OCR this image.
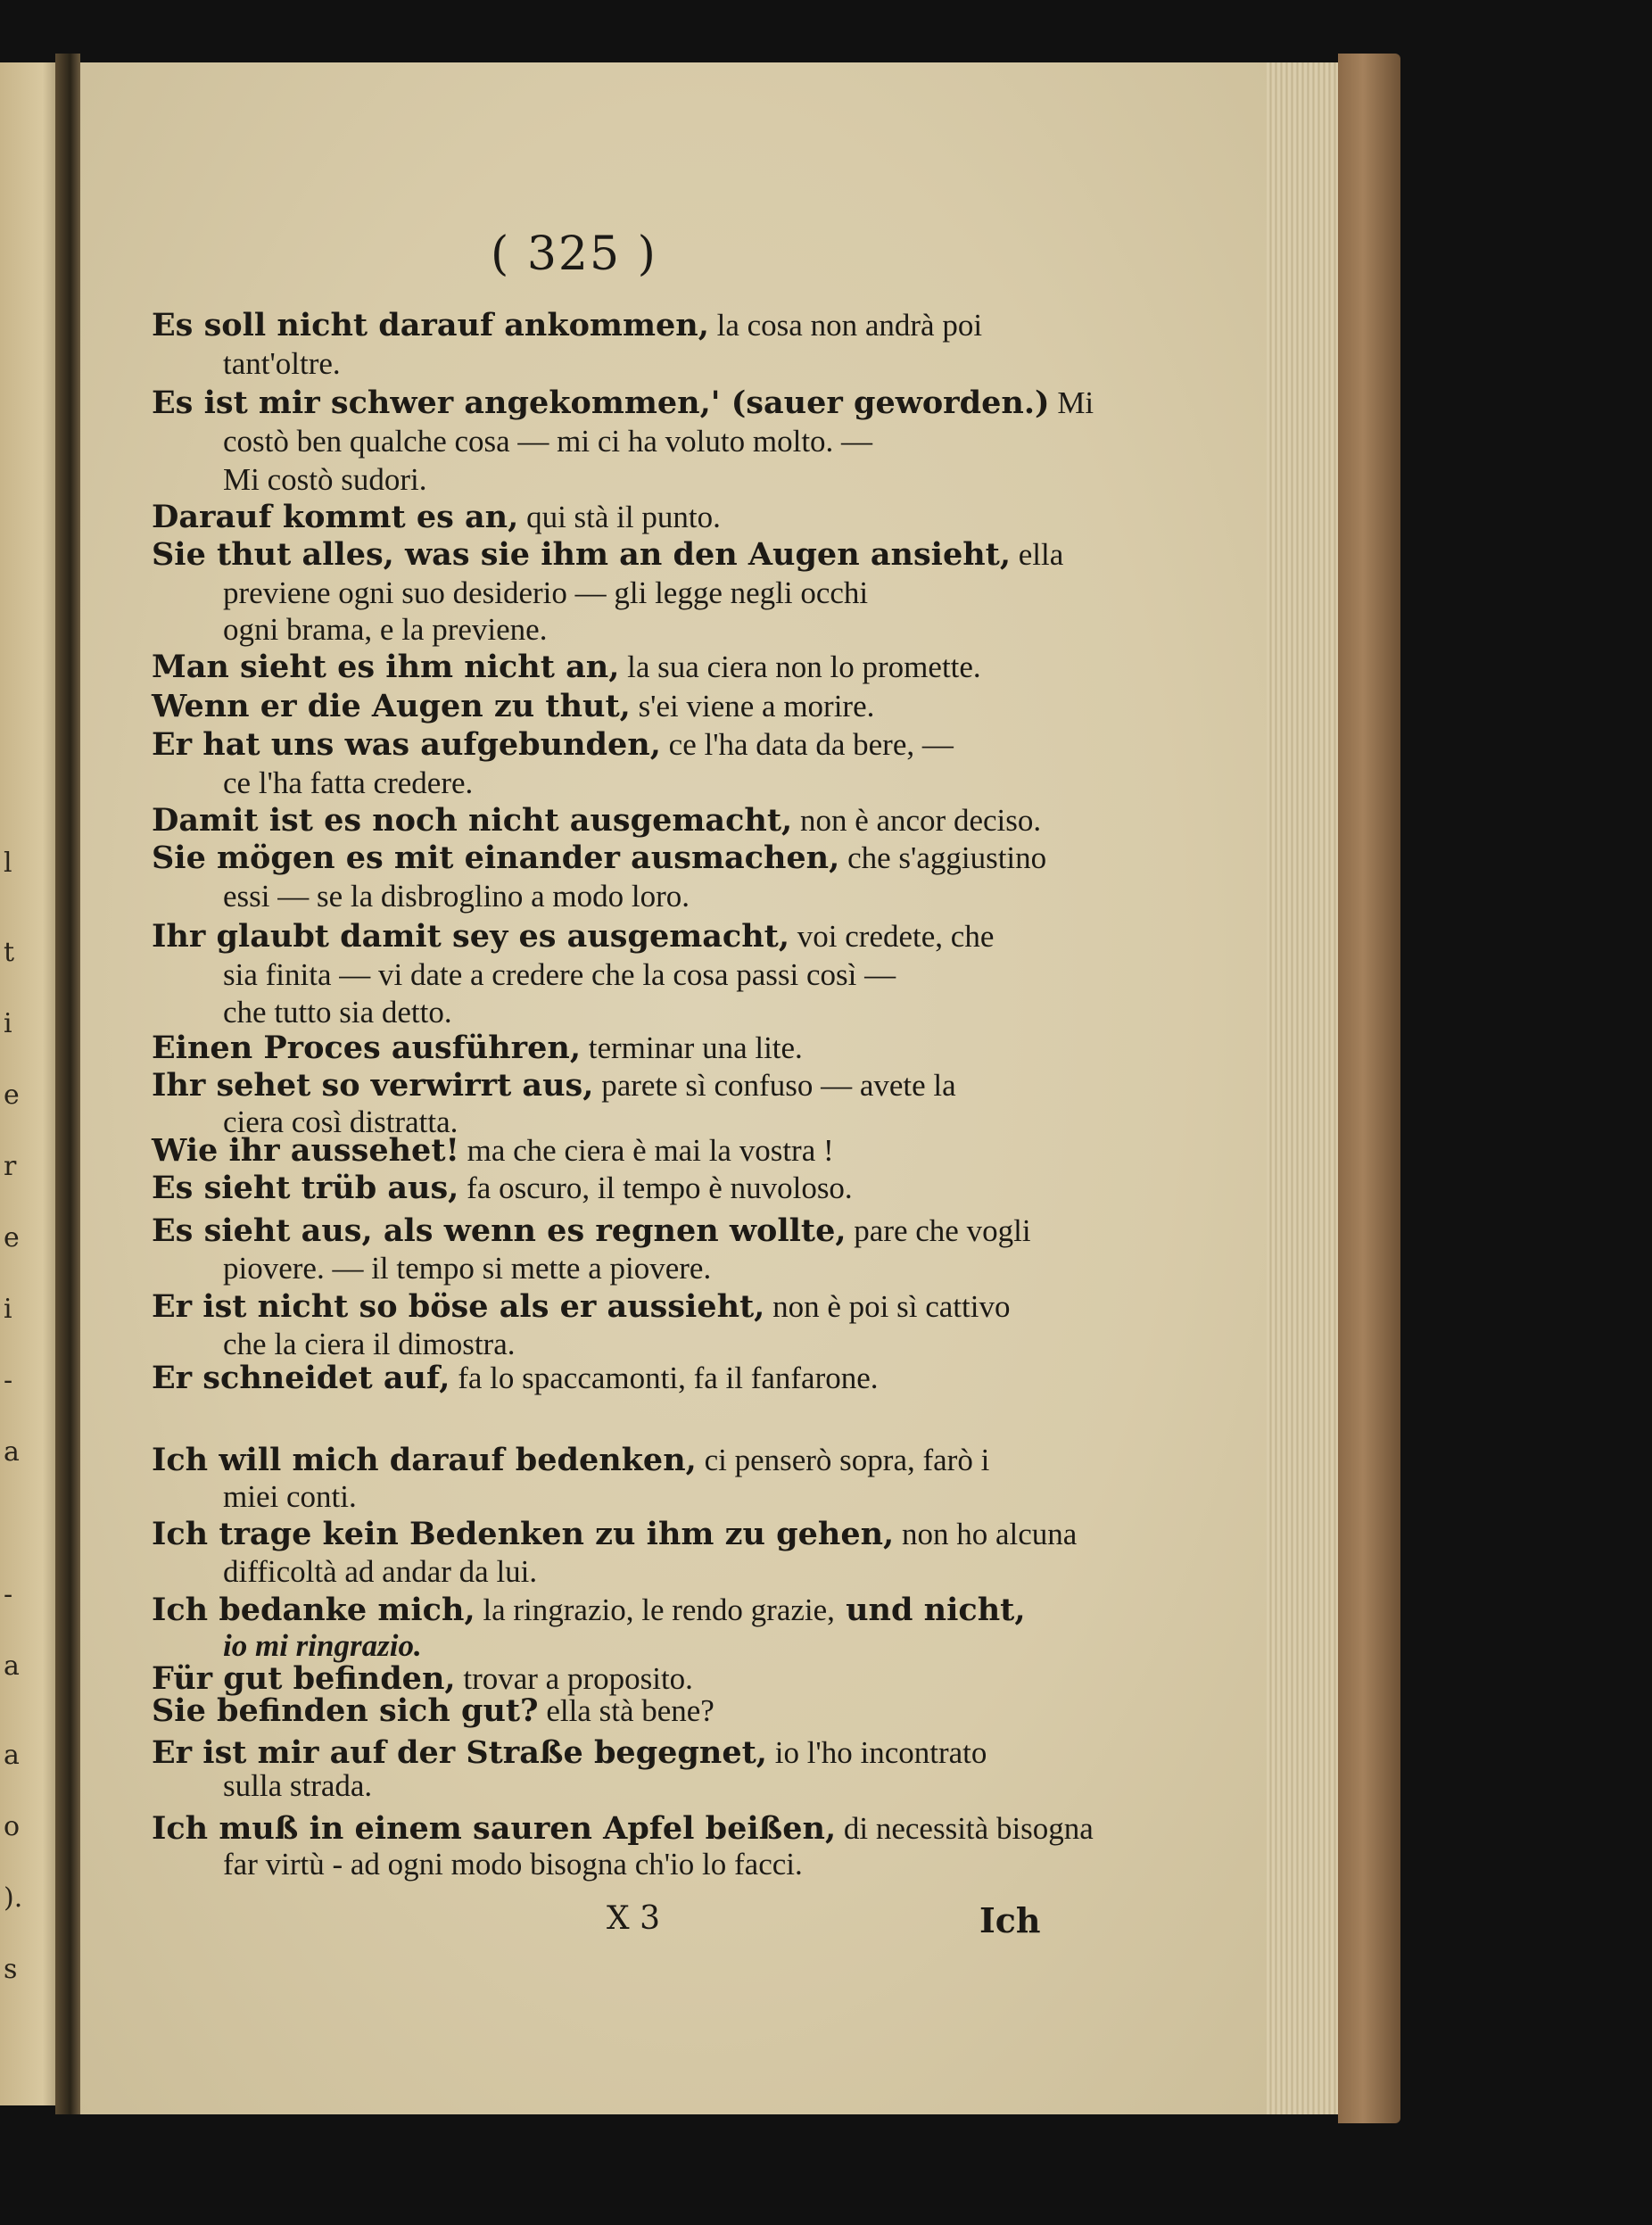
l
t
i
e
r
e
i
-
a
-
a
a
o
).
s
( 325 )
Es soll nicht darauf ankommen, la cosa non andrà poi
tant'oltre.
Es ist mir schwer angekommen,' (sauer geworden.) Mi
costò ben qualche cosa — mi ci ha voluto molto. —
Mi costò sudori.
Darauf kommt es an, qui stà il punto.
Sie thut alles, was sie ihm an den Augen ansieht, ella
previene ogni suo desiderio — gli legge negli occhi
ogni brama, e la previene.
Man sieht es ihm nicht an, la sua ciera non lo promette.
Wenn er die Augen zu thut, s'ei viene a morire.
Er hat uns was aufgebunden, ce l'ha data da bere, —
ce l'ha fatta credere.
Damit ist es noch nicht ausgemacht, non è ancor deciso.
Sie mögen es mit einander ausmachen, che s'aggiustino
essi — se la disbroglino a modo loro.
Ihr glaubt damit sey es ausgemacht, voi credete, che
sia finita — vi date a credere che la cosa passi così —
che tutto sia detto.
Einen Proces ausführen, terminar una lite.
Ihr sehet so verwirrt aus, parete sì confuso — avete la
ciera così distratta.
Wie ihr aussehet! ma che ciera è mai la vostra !
Es sieht trüb aus, fa oscuro, il tempo è nuvoloso.
Es sieht aus, als wenn es regnen wollte, pare che vogli
piovere. — il tempo si mette a piovere.
Er ist nicht so böse als er aussieht, non è poi sì cattivo
che la ciera il dimostra.
Er schneidet auf, fa lo spaccamonti, fa il fanfarone.
Ich will mich darauf bedenken, ci penserò sopra, farò i
miei conti.
Ich trage kein Bedenken zu ihm zu gehen, non ho alcuna
difficoltà ad andar da lui.
Ich bedanke mich, la ringrazio, le rendo grazie, und nicht,
io mi ringrazio.
Für gut befinden, trovar a proposito.
Sie befinden sich gut? ella stà bene?
Er ist mir auf der Straße begegnet, io l'ho incontrato
sulla strada.
Ich muß in einem sauren Apfel beißen, di necessità bisogna
far virtù - ad ogni modo bisogna ch'io lo facci.
X 3	Ich
